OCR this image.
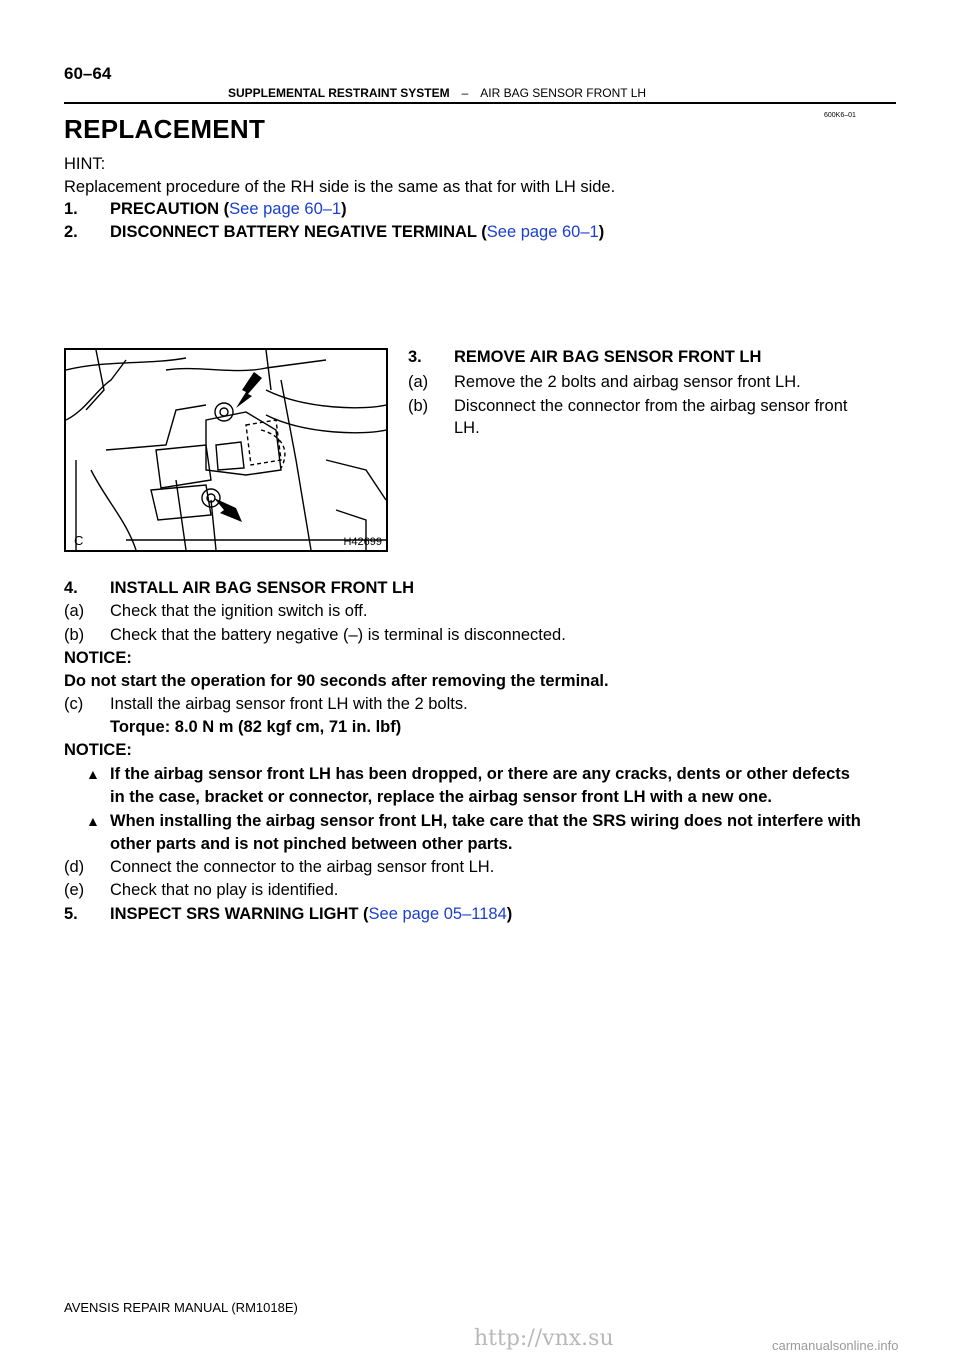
60–64
SUPPLEMENTAL RESTRAINT SYSTEM – AIR BAG SENSOR FRONT LH
600K6–01
REPLACEMENT
HINT:
Replacement procedure of the RH side is the same as that for with LH side.
1. PRECAUTION (See page 60–1)
2. DISCONNECT BATTERY NEGATIVE TERMINAL (See page 60–1)
C	H42699
3. REMOVE AIR BAG SENSOR FRONT LH
(a) Remove the 2 bolts and airbag sensor front LH.
(b) Disconnect the connector from the airbag sensor front
LH.
4. INSTALL AIR BAG SENSOR FRONT LH
(a) Check that the ignition switch is off.
(b) Check that the battery negative (–) is terminal is disconnected.
NOTICE:
Do not start the operation for 90 seconds after removing the terminal.
(c) Install the airbag sensor front LH with the 2 bolts.
Torque: 8.0 N m (82 kgf cm, 71 in. lbf)
NOTICE:
▲ If the airbag sensor front LH has been dropped, or there are any cracks, dents or other defects
in the case, bracket or connector, replace the airbag sensor front LH with a new one.
▲ When installing the airbag sensor front LH, take care that the SRS wiring does not interfere with
other parts and is not pinched between other parts.
(d) Connect the connector to the airbag sensor front LH.
(e) Check that no play is identified.
5. INSPECT SRS WARNING LIGHT (See page 05–1184)
AVENSIS REPAIR MANUAL (RM1018E)
http://vnx.su	carmanualsonline.info
